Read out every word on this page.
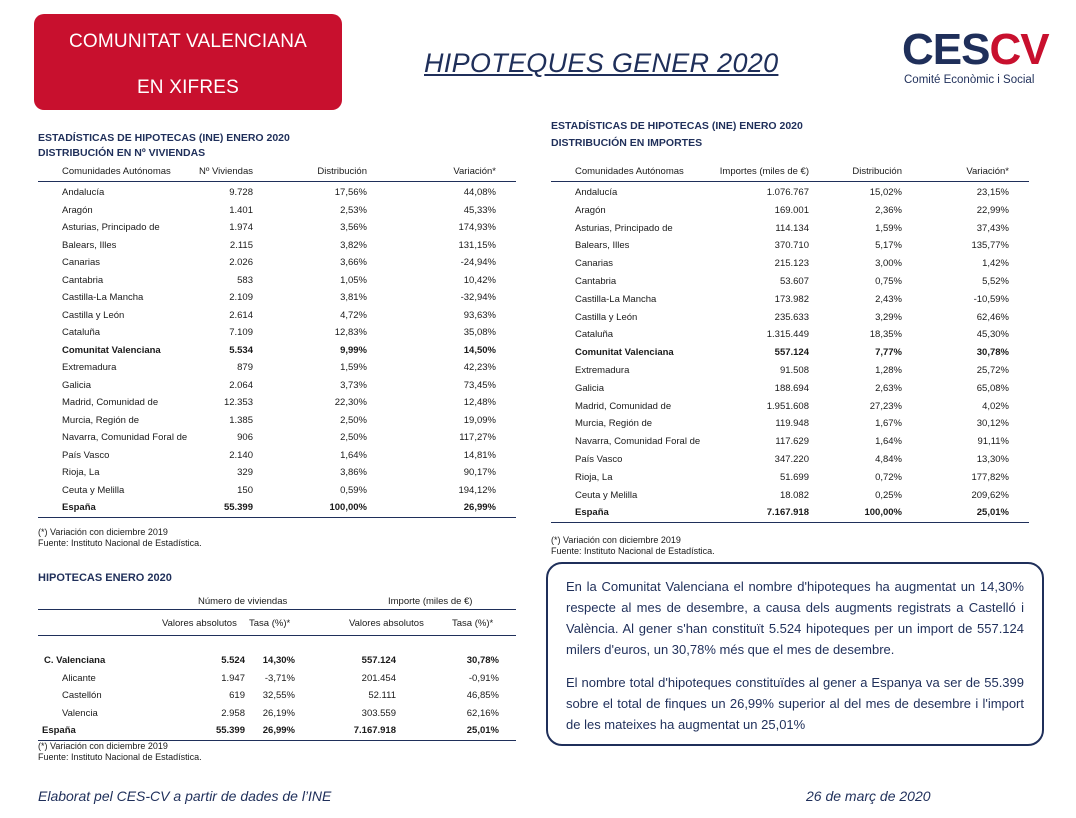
COMUNITAT VALENCIANA
EN XIFRES
HIPOTEQUES GENER 2020	CESCV
Comité Econòmic i Social
ESTADÍSTICAS DE HIPOTECAS (INE) ENERO 2020
DISTRIBUCIÓN EN Nº VIVIENDAS
Comunidades Autónomas	Nº Viviendas	Distribución	Variación*
Andalucía	9.728	17,56%	44,08%
Aragón	1.401	2,53%	45,33%
Asturias, Principado de	1.974	3,56%	174,93%
Balears, Illes	2.115	3,82%	131,15%
Canarias	2.026	3,66%	-24,94%
Cantabria	583	1,05%	10,42%
Castilla-La Mancha	2.109	3,81%	-32,94%
Castilla y León	2.614	4,72%	93,63%
Cataluña	7.109	12,83%	35,08%
Comunitat Valenciana	5.534	9,99%	14,50%
Extremadura	879	1,59%	42,23%
Galicia	2.064	3,73%	73,45%
Madrid, Comunidad de	12.353	22,30%	12,48%
Murcia, Región de	1.385	2,50%	19,09%
Navarra, Comunidad Foral de	906	2,50%	117,27%
País Vasco	2.140	1,64%	14,81%
Rioja, La	329	3,86%	90,17%
Ceuta y Melilla	150	0,59%	194,12%
España	55.399	100,00%	26,99%
(*) Variación con diciembre 2019
Fuente: Instituto Nacional de Estadística.
ESTADÍSTICAS DE HIPOTECAS (INE) ENERO 2020
DISTRIBUCIÓN EN IMPORTES
Comunidades Autónomas	Importes (miles de €)	Distribución	Variación*
Andalucía	1.076.767	15,02%	23,15%
Aragón	169.001	2,36%	22,99%
Asturias, Principado de	114.134	1,59%	37,43%
Balears, Illes	370.710	5,17%	135,77%
Canarias	215.123	3,00%	1,42%
Cantabria	53.607	0,75%	5,52%
Castilla-La Mancha	173.982	2,43%	-10,59%
Castilla y León	235.633	3,29%	62,46%
Cataluña	1.315.449	18,35%	45,30%
Comunitat Valenciana	557.124	7,77%	30,78%
Extremadura	91.508	1,28%	25,72%
Galicia	188.694	2,63%	65,08%
Madrid, Comunidad de	1.951.608	27,23%	4,02%
Murcia, Región de	119.948	1,67%	30,12%
Navarra, Comunidad Foral de	117.629	1,64%	91,11%
País Vasco	347.220	4,84%	13,30%
Rioja, La	51.699	0,72%	177,82%
Ceuta y Melilla	18.082	0,25%	209,62%
España	7.167.918	100,00%	25,01%
(*) Variación con diciembre 2019
Fuente: Instituto Nacional de Estadística.
HIPOTECAS ENERO 2020
Número de viviendas	Importe (miles de €)
Valores absolutos Tasa (%)*	Valores absolutos	Tasa (%)*
C. Valenciana	5.524 14,30%	557.124	30,78%
Alicante	1.947 -3,71%	201.454	-0,91%
Castellón	619 32,55%	52.111	46,85%
Valencia	2.958 26,19%	303.559	62,16%
España	55.399 26,99%	7.167.918	25,01%
(*) Variación con diciembre 2019
Fuente: Instituto Nacional de Estadística.

En la Comunitat Valenciana el nombre d'hipoteques ha augmentat un 14,30% respecte al mes de desembre, a causa dels augments registrats a Castelló i València. Al gener s'han constituït 5.524 hipoteques per un import de 557.124 milers d'euros, un 30,78% més que el mes de desembre.

El nombre total d'hipoteques constituïdes al gener a Espanya va ser de 55.399 sobre el total de finques un 26,99% superior al del mes de desembre i l'import de les mateixes ha augmentat un 25,01%

Elaborat pel CES-CV a partir de dades de l’INE	26 de març de 2020
